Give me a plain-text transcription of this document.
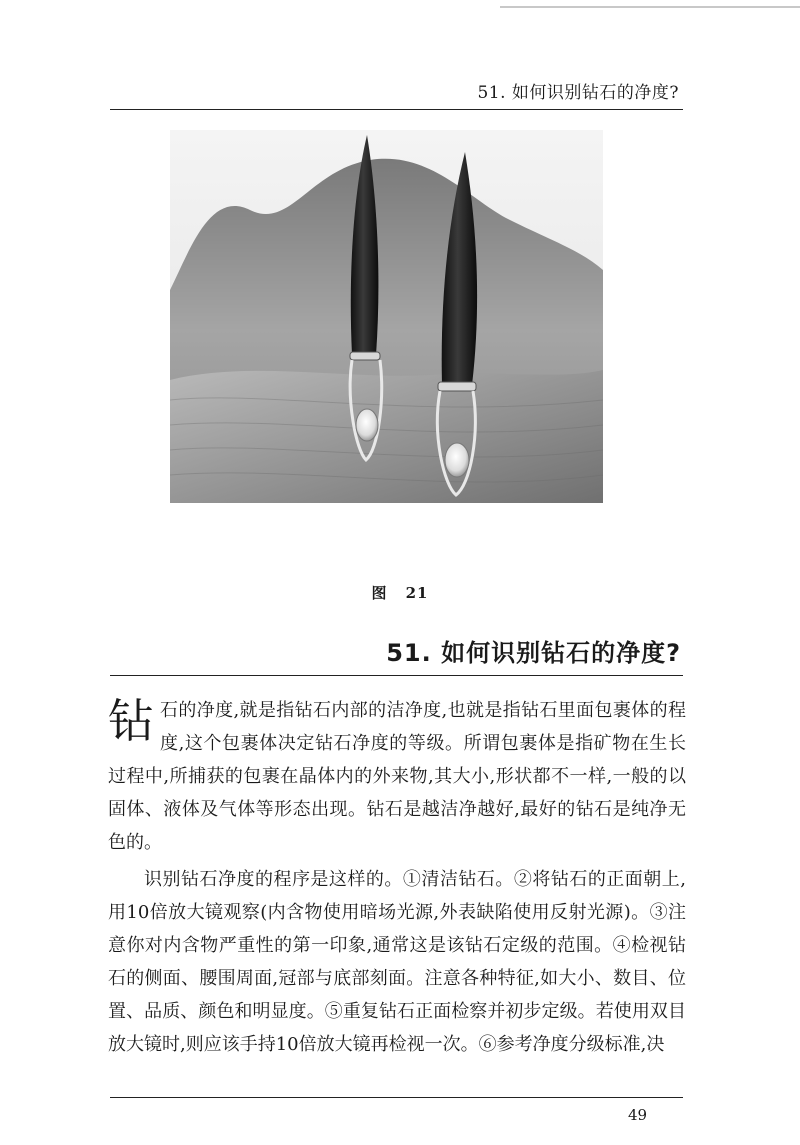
51. 如何识别钻石的净度?
图 21
51. 如何识别钻石的净度?

钻石的净度,就是指钻石内部的洁净度,也就是指钻石里面包裹体的程度,这个包裹体决定钻石净度的等级。所谓包裹体是指矿物在生长过程中,所捕获的包裹在晶体内的外来物,其大小,形状都不一样,一般的以固体、液体及气体等形态出现。钻石是越洁净越好,最好的钻石是纯净无色的。

识别钻石净度的程序是这样的。①清洁钻石。②将钻石的正面朝上,用10倍放大镜观察(内含物使用暗场光源,外表缺陷使用反射光源)。③注意你对内含物严重性的第一印象,通常这是该钻石定级的范围。④检视钻石的侧面、腰围周面,冠部与底部刻面。注意各种特征,如大小、数目、位置、品质、颜色和明显度。⑤重复钻石正面检察并初步定级。若使用双目放大镜时,则应该手持10倍放大镜再检视一次。⑥参考净度分级标准,决

49
